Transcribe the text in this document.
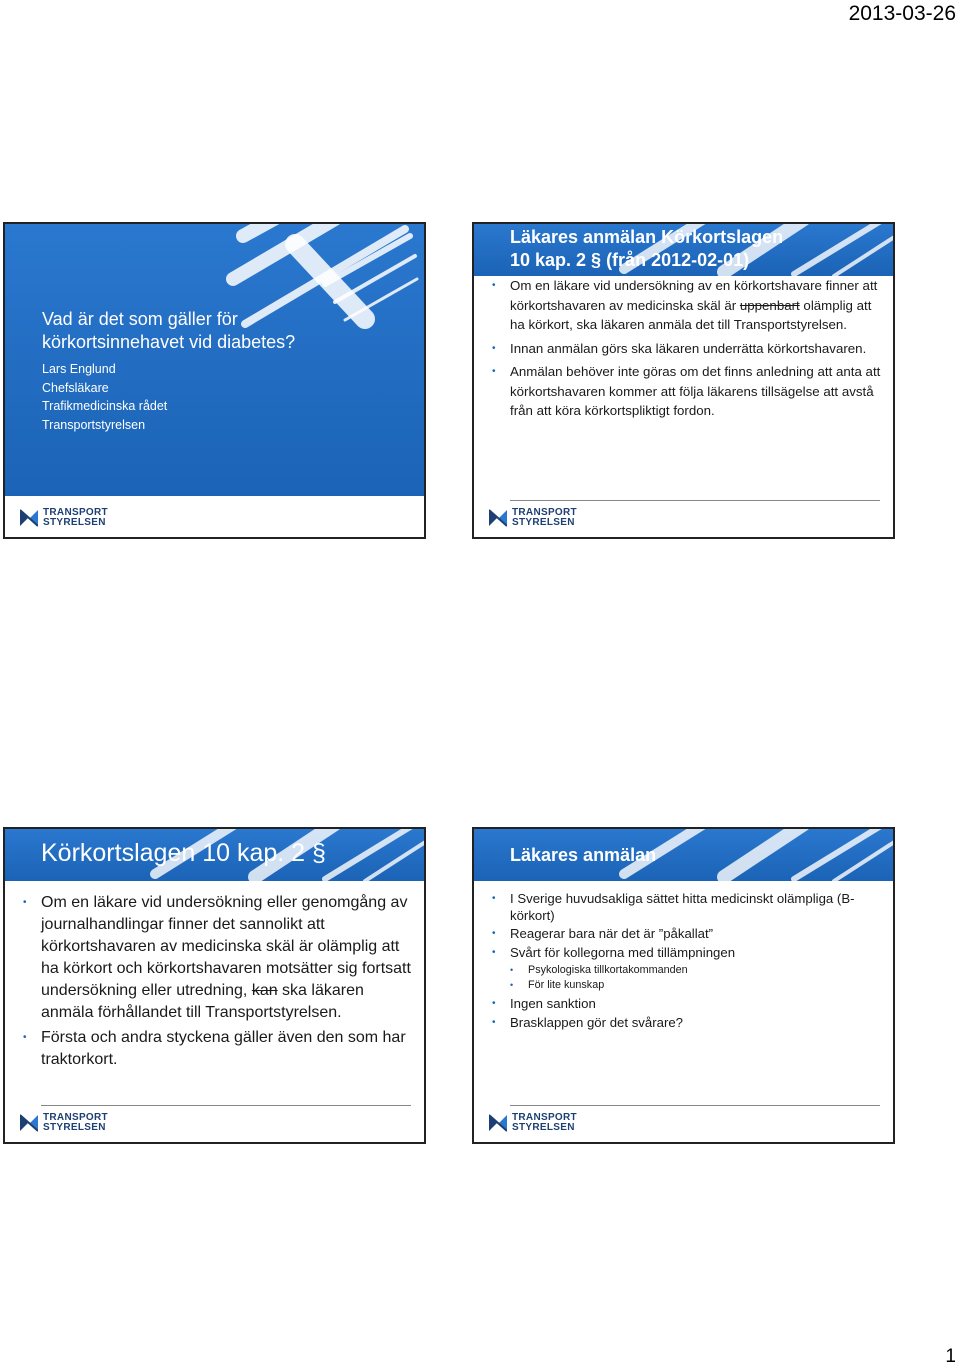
2013-03-26
Vad är det som gäller för körkortsinnehavet vid diabetes?
Lars Englund
Chefsläkare
Trafikmedicinska rådet
Transportstyrelsen
TRANSPORT
STYRELSEN
Läkares anmälan Körkortslagen
10 kap. 2 § (från 2012-02-01)
• Om en läkare vid undersökning av en körkortshavare finner att körkortshavaren av medicinska skäl är uppenbart olämplig att ha körkort, ska läkaren anmäla det till Transportstyrelsen.
• Innan anmälan görs ska läkaren underrätta körkortshavaren.
• Anmälan behöver inte göras om det finns anledning att anta att körkortshavaren kommer att följa läkarens tillsägelse att avstå från att köra körkortspliktigt fordon.
TRANSPORT
STYRELSEN
Körkortslagen 10 kap. 2 §
• Om en läkare vid undersökning eller genomgång av journalhandlingar finner det sannolikt att körkortshavaren av medicinska skäl är olämplig att ha körkort och körkortshavaren motsätter sig fortsatt undersökning eller utredning, kan ska läkaren anmäla förhållandet till Transportstyrelsen.
• Första och andra styckena gäller även den som har traktorkort.
TRANSPORT
STYRELSEN
Läkares anmälan
• I Sverige huvudsakliga sättet hitta medicinskt olämpliga (B-körkort)
• Reagerar bara när det är ”påkallat”
• Svårt för kollegorna med tillämpningen
• Psykologiska tillkortakommanden
• För lite kunskap
• Ingen sanktion
• Brasklappen gör det svårare?
TRANSPORT
STYRELSEN
1
